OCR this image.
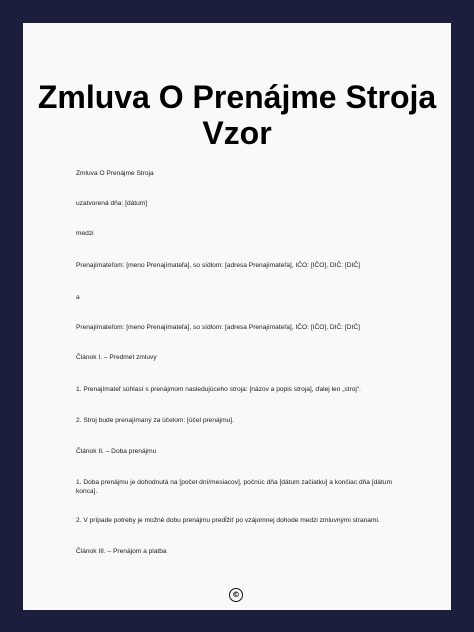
Zmluva O Prenájme Stroja
Vzor

Zmluva O Prenájme Stroja

uzatvorená dňa: [dátum]

medzi

Prenajímateľom: [meno Prenajímateľa], so sídlom: [adresa Prenajímateľa], IČO: [IČO], DIČ: [DIČ]

a

Prenajímateľom: [meno Prenajímateľa], so sídlom: [adresa Prenajímateľa], IČO: [IČO], DIČ: [DIČ]

Článok I. – Predmet zmluvy

1. Prenajímateľ súhlasí s prenájmom nasledujúceho stroja: [názov a popis stroja], ďalej len „stroj“.

2. Stroj bude prenajímaný za účelom: [účel prenájmu].

Článok II. – Doba prenájmu

1. Doba prenájmu je dohodnutá na [počet dní/mesiacov], počnúc dňa [dátum začiatku] a končiac dňa [dátum konca].

2. V prípade potreby je možné dobu prenájmu predĺžiť po vzájomnej dohode medzi zmluvnými stranami.

Článok III. – Prenájom a platba

©
